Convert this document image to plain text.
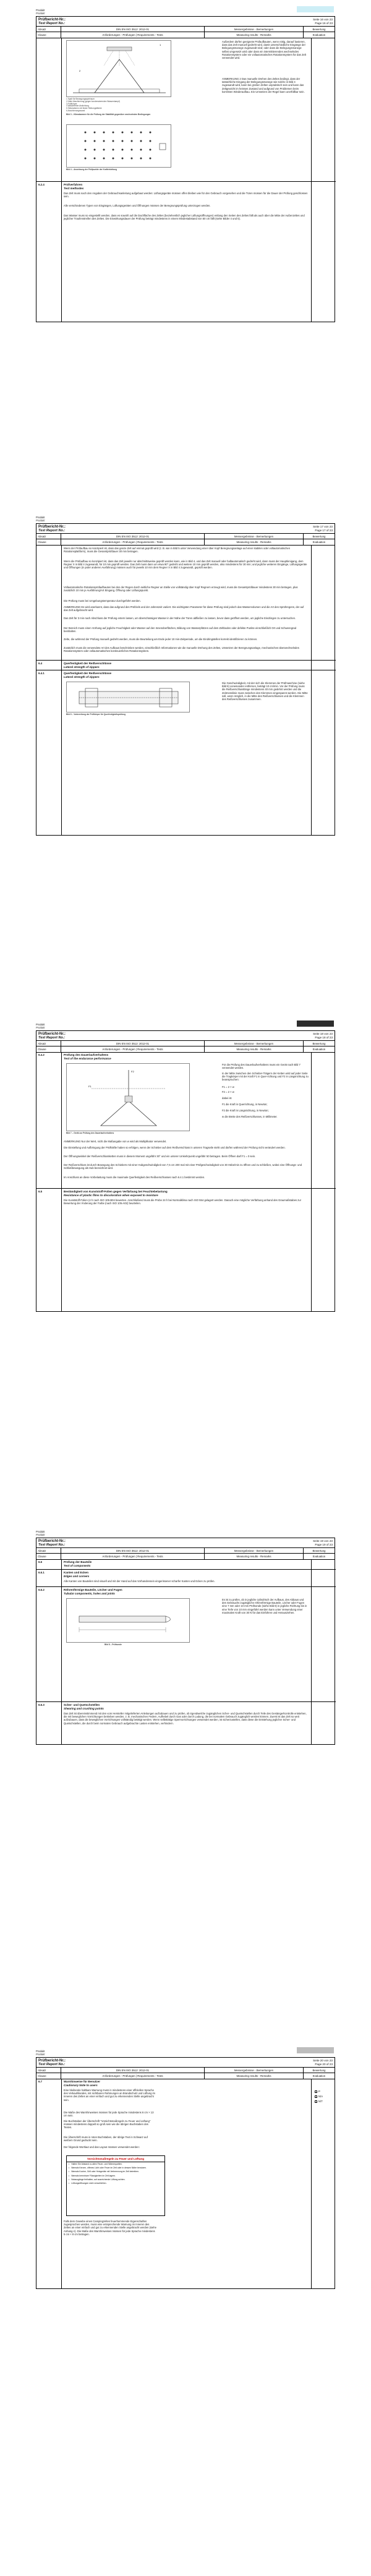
Produkt
Produkt
Prüfbericht-Nr.:
Test Report No.:
Seite 16 von 23
Page 16 of 23
Absatz	DIN EN ISO 3512: 2012-01	Messergebnisse - Bemerkungen	Bewertung
Clause	Anforderungen - Prüfungen | Requirements - Tests	Measuring results - Remarks	Evaluation
1
2
1 Spalt für Bewegungsspielraum
2 Kalte Abschirmung (gegen kondensierenden Wasserdampf)
3 Prüfkörper
4 Wasserfeste Abdichtung
5 Stützrahmen mit fester Reibungsfläche
6 Abschirmungswand
Bild 3 – Klimakammer für die Prüfung der Stabilität gegenüber wechselnden Bedingungen
Bild 4 – Anordnung der Prüfpunkte der Krafteinleitung
Außerdem dürfen geeignete Prüfaufbauten, wenn nötig, darauf basieren, dass das Zelt manuell gedreht wird, damit unterschiedliche Eingänge der Belegungsmanege zugewandt sind; oder dass die Belegungsmanege selbst umgesetzt wird oder dass ein intermittierendes wechselndes Rotationssystem oder ein vollautomatisches Rotationssystem für das Zelt verwendet wird.
ANMERKUNG 2 Das manuelle Drehen des Zeltes bedingt, dass der tatsächliche Eingang der Belegungsmanege wie solche in Bild 4 zugewandt wird, kann bei großen Zelten unpraktisch sein und kann das Zeltgewicht im heissen Zustand und aufgrund von Problemen beim korrekten Wiederaufbau. Ein Umsetzen der Regel kann unerfüllbar sein.
6.2.4	Prüfverfahren
Test methodes
Das Zelt muss nach den Angaben der Gebrauchsanleitung aufgebaut werden: Lüftungsgeräte müssen offen bleiben wie für den Gebrauch vorgesehen und die Türen müssen für die Dauer der Prüfung geschlossen sein.
Alle verschiedenen Typen von Eingängen, Lüftungsgeräten und Öffnungen müssen der Beregnungsprüfung unterzogen werden.
Das Wasser muss so eingestellt werden, dass es sowohl auf die Dachfläche des Zeltes (beziehentlich jeglicher Lüftungsöffnungen) entlang den Seiten des Zeltes fällt als auch über die Mitte der Außenzeltes und jeglicher Traufenstreifen des Zeltes. Die Einwirkungsdauer der Prüfung beträgt mindestens in einem Mindestabstand von 50 cm fällt (siehe Bilder 4 und 5).
Produkt
Produkt
Prüfbericht-Nr.:
Test Report No.:
Seite 17 von 23
Page 17 of 23
Absatz	DIN EN ISO 3512: 2012-01	Messergebnisse - Bemerkungen	Bewertung
Clause	Anforderungen - Prüfungen | Requirements - Tests	Measuring results - Remarks	Evaluation
Wenn der Prüfaufbau so konzipiert ist, dass das ganze Zelt auf einmal geprüft wird (z. B. wie in Bild 5 unter Verwendung einer über Kopf Beregnungsanlage auf einer stabilen oder vollautomatischen Rotationsplattform), muss die Gesamtprüfdauer 30 min betragen.
Wenn die Prüfaufbau so konzipiert ist, dass das Zelt jeweils nur abschnittsweise geprüft werden kann, wie in Bild 4, und das Zelt manuell oder halbautomatisch gedreht wird, dann muss der Hauptlenigang, dem Regner X in Bild 4 zugewandt, für 10 min geprüft werden. Das Zelt muss dann um etwa 90° gedreht und weitere 10 min geprüft werden, also mindestens für 30 min; und jegliche weiteren Eingänge, Lüftungsgeräte und Öffnungen (in jeder anderen Ausführung) müssen auch für jeweils 10 min dem Regner X in Bild 4 zugewandt, geprüft werden.
Vollautomatische Rotationsprüfaufbauten bei den der Regen durch seitliche Regner an Stelle von vollständig über Kopf Regnern erzeugt wird, muss die Gesamtprüfdauer mindestens 30 min betragen, plus zusätzlich 10 min je Ausführung/Art Eingang, Öffnung oder Lüftungspunkt.
Die Prüfung muss bei Umgebungstemperatur durchgeführt werden.
ANMERKUNG Es wird anerkannt, dass das aufgrund des Prüfziels und der Jahreszeit variiert. Die wichtigsten Parameter für diese Prüfung sind jedoch das Wasservolumen und die Art des Sprühregens, der auf das Zelt aufgebracht wird.
Das Zelt für 3 min nach Abschluss der Prüfung entern lassen, um überschüssiges Wasser in der Nähe der Türen abfließen zu lassen, bevor dass geöffnet werden, um jegliche Eindringen zu untersuchen.
Der Bereich muss einen Vorhang auf jegliche Feuchtigkeit oder Wasser auf den Innenoberflächen, Bildung von Wasserpfützen auf dem Zeltboden oder defekte Punkte einschließlich Ort und Schweregrad beinhalten.
Zelte, die während der Prüfung manuell gedreht werden, muss die Beurteilung am Ende jeder 10 min-Zeitperiode, um die Eindringstellen korrekt identifizieren zu können.
Zusätzlich muss die verwendete Art des Aufbaus beschrieben werden, einschließlich Informationen wie die manuelle Drehung des Zeltes, Umsetzen der Beregnungsanlage, mechanisches überwechselndes Rotationssystem oder vollautomatisches kontinuierliches Rotationssystem.
6.4	Querfestigkeit der Reißverschlüsse
Lateral strength of zippers
6.4.1	Querfestigkeit der Reißverschlüsse
Lateral strength of zippers
Bild 6 – Vorbereitung der Prüfkörper für Querfestigkeitsprüfung
Die Geschwindigkeit, mit der sich die Klemmen der Prüfmaschine (siehe Bild 6) voneinander entfernen, beträgt 10 cm/min. Vor der Prüfung muss die Reißverschlusslänge mindestens 40 mm gedehnt werden und die Zeitmesslinie muss zwischen den Klemmen eingespannt werden. Die Mitte soll, wenn möglich, in die Mitte des Reißverschlusses und die Klemmen des Reißverschlusses zusammen.
Produkt
Produkt
Prüfbericht-Nr.:
Test Report No.:
Seite 18 von 23
Page 18 of 23
Absatz	DIN EN ISO 3512: 2012-01	Messergebnisse - Bemerkungen	Bewertung
Clause	Anforderungen - Prüfungen | Requirements - Tests	Measuring results - Remarks	Evaluation
6.4.2	Prüfung des Dauerlaufverhaltens
Test of the endurance performance
F1
F2
Bild 7 – Gerät zur Prüfung des Dauerlaufverhaltens
Für die Prüfung des Dauerlaufverhaltens muss ein Gerät nach Bild 7 verwendet werden.
In der Mitte zwischen den Schieber-Trägern der Ketten wird auf jeder Seite die Tragkörper mit der Kraft F1 in Quer-richtung und F2 in Längsrichtung zu beanspruchen:
F1 = 2 × w
F2 = 2 × w
dabei ist
F1 die Kraft in Querrichtung, in Newton;
F2 die Kraft in Längsrichtung, in Newton;
w die Breite des Reißverschlusses, in Millimeter.
ANMERKUNG Nur der Wert, nicht die Maßangabe von w wird als Multiplikator verwendet.
Die Einstellung und Aufbringung der Prüfkräfte haben so erfolgen, wenn der Schieber auf dem Reißverschluss in unteren Tragseile steht und dürfen während der Prüfung nicht verändert werden.
Der Öffnungswinkel der Reißverschlussketten muss in diesem Moment ungefähr 30° und ein unterer Umkehrpunkt ungefähr 50 betragen. Beim Öffnen darf F1 = 0 sein.
Der Reißverschluss ist durch Bewegung des Schiebers mit einer Hubgeschwindigkeit von 7,5 cm 200 mal mit einer Prüfgeschwindigkeit von 30 Hübe/min zu öffnen und zu schließen, wobei eine Öffnungs- und Schließbewegung als Hub bezeichnet wird.
Im Anschluss an diese Vorbelastung muss die maximale Querfestigkeit des Reißverschlusses nach 6.4.1 bestimmt werden.
6.5	Beständigkeit von Kunststoff-Folien gegen Verfärbung bei Feuchtebelastung
Resistance of plastic films to discoloration when exposed to moisture
Die Kunststoff-Folien (4 h nach ISO 105-B04 bewerten. Anschließend muss die Probe 24 h bei Normalklima nach ISO 554 gelagert werden. Danach eine mögliche Verfärbung anhand des Graumaßstabes zur Bewertung der Änderung der Farbe (nach ISO 105-A02) beurteilen.
Produkt
Produkt
Prüfbericht-Nr.:
Test Report No.:
Seite 19 von 23
Page 19 of 23
Absatz	DIN EN ISO 3512: 2012-01	Messergebnisse - Bemerkungen	Bewertung
Clause	Anforderungen - Prüfungen | Requirements - Tests	Measuring results - Remarks	Evaluation
6.6	Prüfung der Bauteile
Test of components
6.6.1	Kanten und Ecken
Edges and corners
Alle Kanten von Bauteilen sind visuell und mit der Hand auf das Vorhandensein eingerissener scharfer Kanten und Ecken zu prüfen.
6.6.2	Röhrenförmige Bauteile, Löcher und Fugen
Tubular components, holes and joints
Bild 8 – Prüfsonde
Es ist zu prüfen, ob in jegliche zylindrisch der Aufbaus, des Abbaus und des Gebrauchs zugängliche röhrenförmige Bauteile, Löcher oder Fugen eine 7 mm oder 10 mm Prüfsonde (siehe Bild 8) in jegliche Richtung bis in eine Tiefe von 10 mm eingeführt werden kann unter Verwendung einer maximalen Kraft von 30 N für das Einführen und Herausziehen.
6.6.3	Scher- und Quetschstellen
Shearing and crushing points
Das Zelt ist übereinstimmend mit den vom Hersteller mitgelieferten Anleitungen aufzubauen und zu prüfen, ob irgendwelche zugänglichen Scher- und Quetschstellen durch Teile des Gestänge/Kontrolle entstehen, die mit beweglichen Vorrichtungen betrieben werden, z. B. mechanischen Federn, Aufhebel durch Gas oder durch Ladung, die bei normalem Gebrauch zugänglich werden können. Zuerst ist das Zelt so weit aufzubauen, dass die beweglichen Vorrichtungen vollständig betätigt werden. Wenn selbsttätige Sperrvorrichtungen verwendet werden, ist sicherzustellen, dass diese die Entstehung jeglicher Scher- und Quetschstellen, die durch beim normalen Gebrauch aufgebrachte Lasten entstehen, verhindern.
Produkt
Produkt
Prüfbericht-Nr.:
Test Report No.:
Seite 20 von 23
Page 20 of 23
Absatz	DIN EN ISO 3512: 2012-01	Messergebnisse - Bemerkungen	Bewertung
Clause	Anforderungen - Prüfungen | Requirements - Tests	Measuring results - Remarks	Evaluation
6.7	Warnhinweise für Benutzer
Cautionary Note to users
Eine bleibende haltbare Warnung muss in mindestens einer offiziellen Sprache des Verkaufslandes, mit sichtbaren Rahmungen an Brandschutz und Lüftung im Inneren des Zeltes an einer einfach und gut zu erkennenden Stelle angebracht sein.
Die Maße des Warnhinweises müssen für jede Sprache mindestens 6 cm × 13 cm sein.
Die Buchstaben der Überschrift "Vorsichtsmaßregeln zu Feuer und Lüftung" müssen mindestens doppelt so groß sein wie die übrigen Buchstaben des Textes.
Die Überschrift muss in roten Buchstaben, der übrige Text in Schwarz auf weißem Grund gedruckt sein.
Der folgende Wortlaut und das Layout müssen verwendet werden:
Vorsichtsmaßregeln zu Feuer und Lüftung
• Halten Sie Abstand zu allen Feuer- und Wärmequellen.
• Niemals Kerzen, offenes Licht oder Feuer im Zelt oder in dessen Nähe benutzen.
• Niemals Kocher, Grill oder Heizgeräte mit Verbrennung im Zelt betreiben.
• Niemals brennbare Flüssigkeiten im Zelt lagern.
• Notausgänge freihalten; auf ausreichende Lüftung achten.
• Lüftungsöffnungen nicht verschließen.
Falls dem Gewebe eines Campingzeltes feuerhemmende Eigenschaften zugesprochen werden, muss eine entsprechende Warnung im Inneren des Zeltes an einer einfach und gut zu erkennenden Stelle angebracht werden (siehe Anhang A). Die Maße des Warnhinweises müssen für jede Sprache mindestens 5 cm × 8 cm betragen.
P
N/A
N/T
